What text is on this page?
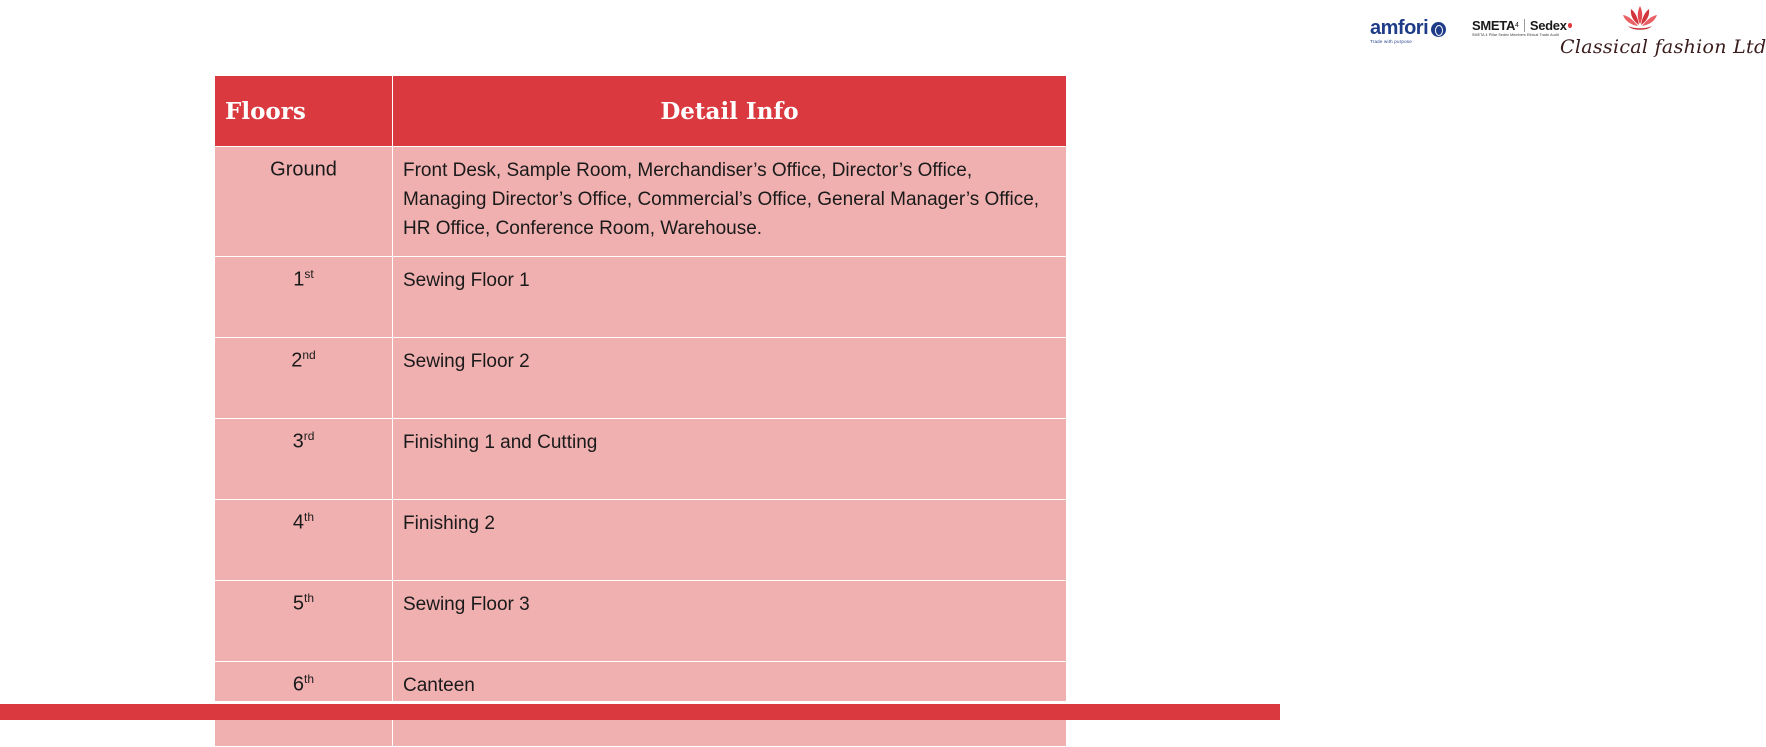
amfori
Trade with purpose
SMETA 4 Sedex
SMETA 4 Pillar Sedex Members Ethical Trade Audit
Classical fashion Ltd
Floors	Detail Info
Ground	Front Desk, Sample Room, Merchandiser’s Office, Director’s Office, Managing Director’s Office, Commercial’s Office, General Manager’s Office, HR Office, Conference Room, Warehouse.
1st	Sewing Floor 1
2nd	Sewing Floor 2
3rd	Finishing 1 and Cutting
4th	Finishing 2
5th	Sewing Floor 3
6th	Canteen
